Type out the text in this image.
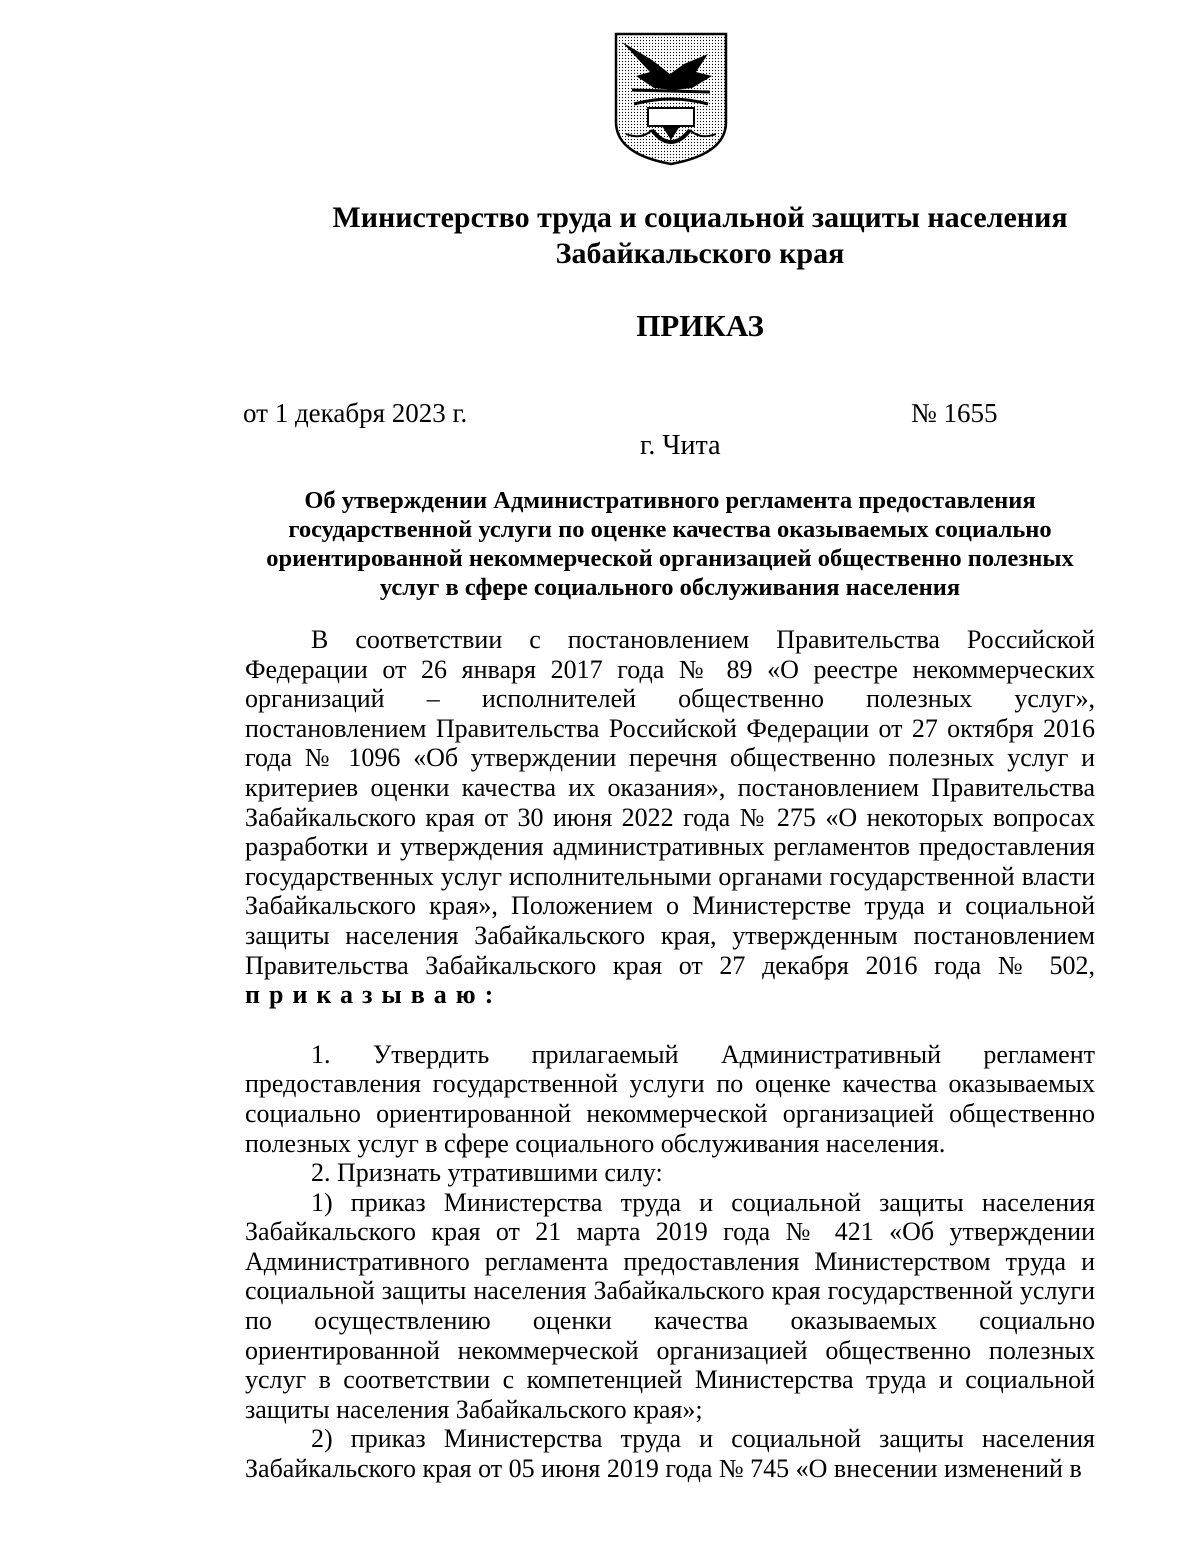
Министерство труда и социальной защиты населения
Забайкальского края
ПРИКАЗ
от 1 декабря 2023 г.	№ 1655
г. Чита
Об утверждении Административного регламента предоставления государственной услуги по оценке качества оказываемых социально ориентированной некоммерческой организацией общественно полезных услуг в сфере социального обслуживания населения

В соответствии с постановлением Правительства Российской Федерации от 26 января 2017 года № 89 «О реестре некоммерческих организаций – исполнителей общественно полезных услуг», постановлением Правительства Российской Федерации от 27 октября 2016 года № 1096 «Об утверждении перечня общественно полезных услуг и критериев оценки качества их оказания», постановлением Правительства Забайкальского края от 30 июня 2022 года № 275 «О некоторых вопросах разработки и утверждения административных регламентов предоставления государственных услуг исполнительными органами государственной власти Забайкальского края», Положением о Министерстве труда и социальной защиты населения Забайкальского края, утвержденным постановлением Правительства Забайкальского края от 27 декабря 2016 года № 502, приказываю:

1. Утвердить прилагаемый Административный регламент предоставления государственной услуги по оценке качества оказываемых социально ориентированной некоммерческой организацией общественно полезных услуг в сфере социального обслуживания населения.

2. Признать утратившими силу:

1) приказ Министерства труда и социальной защиты населения Забайкальского края от 21 марта 2019 года № 421 «Об утверждении Административного регламента предоставления Министерством труда и социальной защиты населения Забайкальского края государственной услуги по осуществлению оценки качества оказываемых социально ориентированной некоммерческой организацией общественно полезных услуг в соответствии с компетенцией Министерства труда и социальной защиты населения Забайкальского края»;

2) приказ Министерства труда и социальной защиты населения Забайкальского края от 05 июня 2019 года № 745 «О внесении изменений в
